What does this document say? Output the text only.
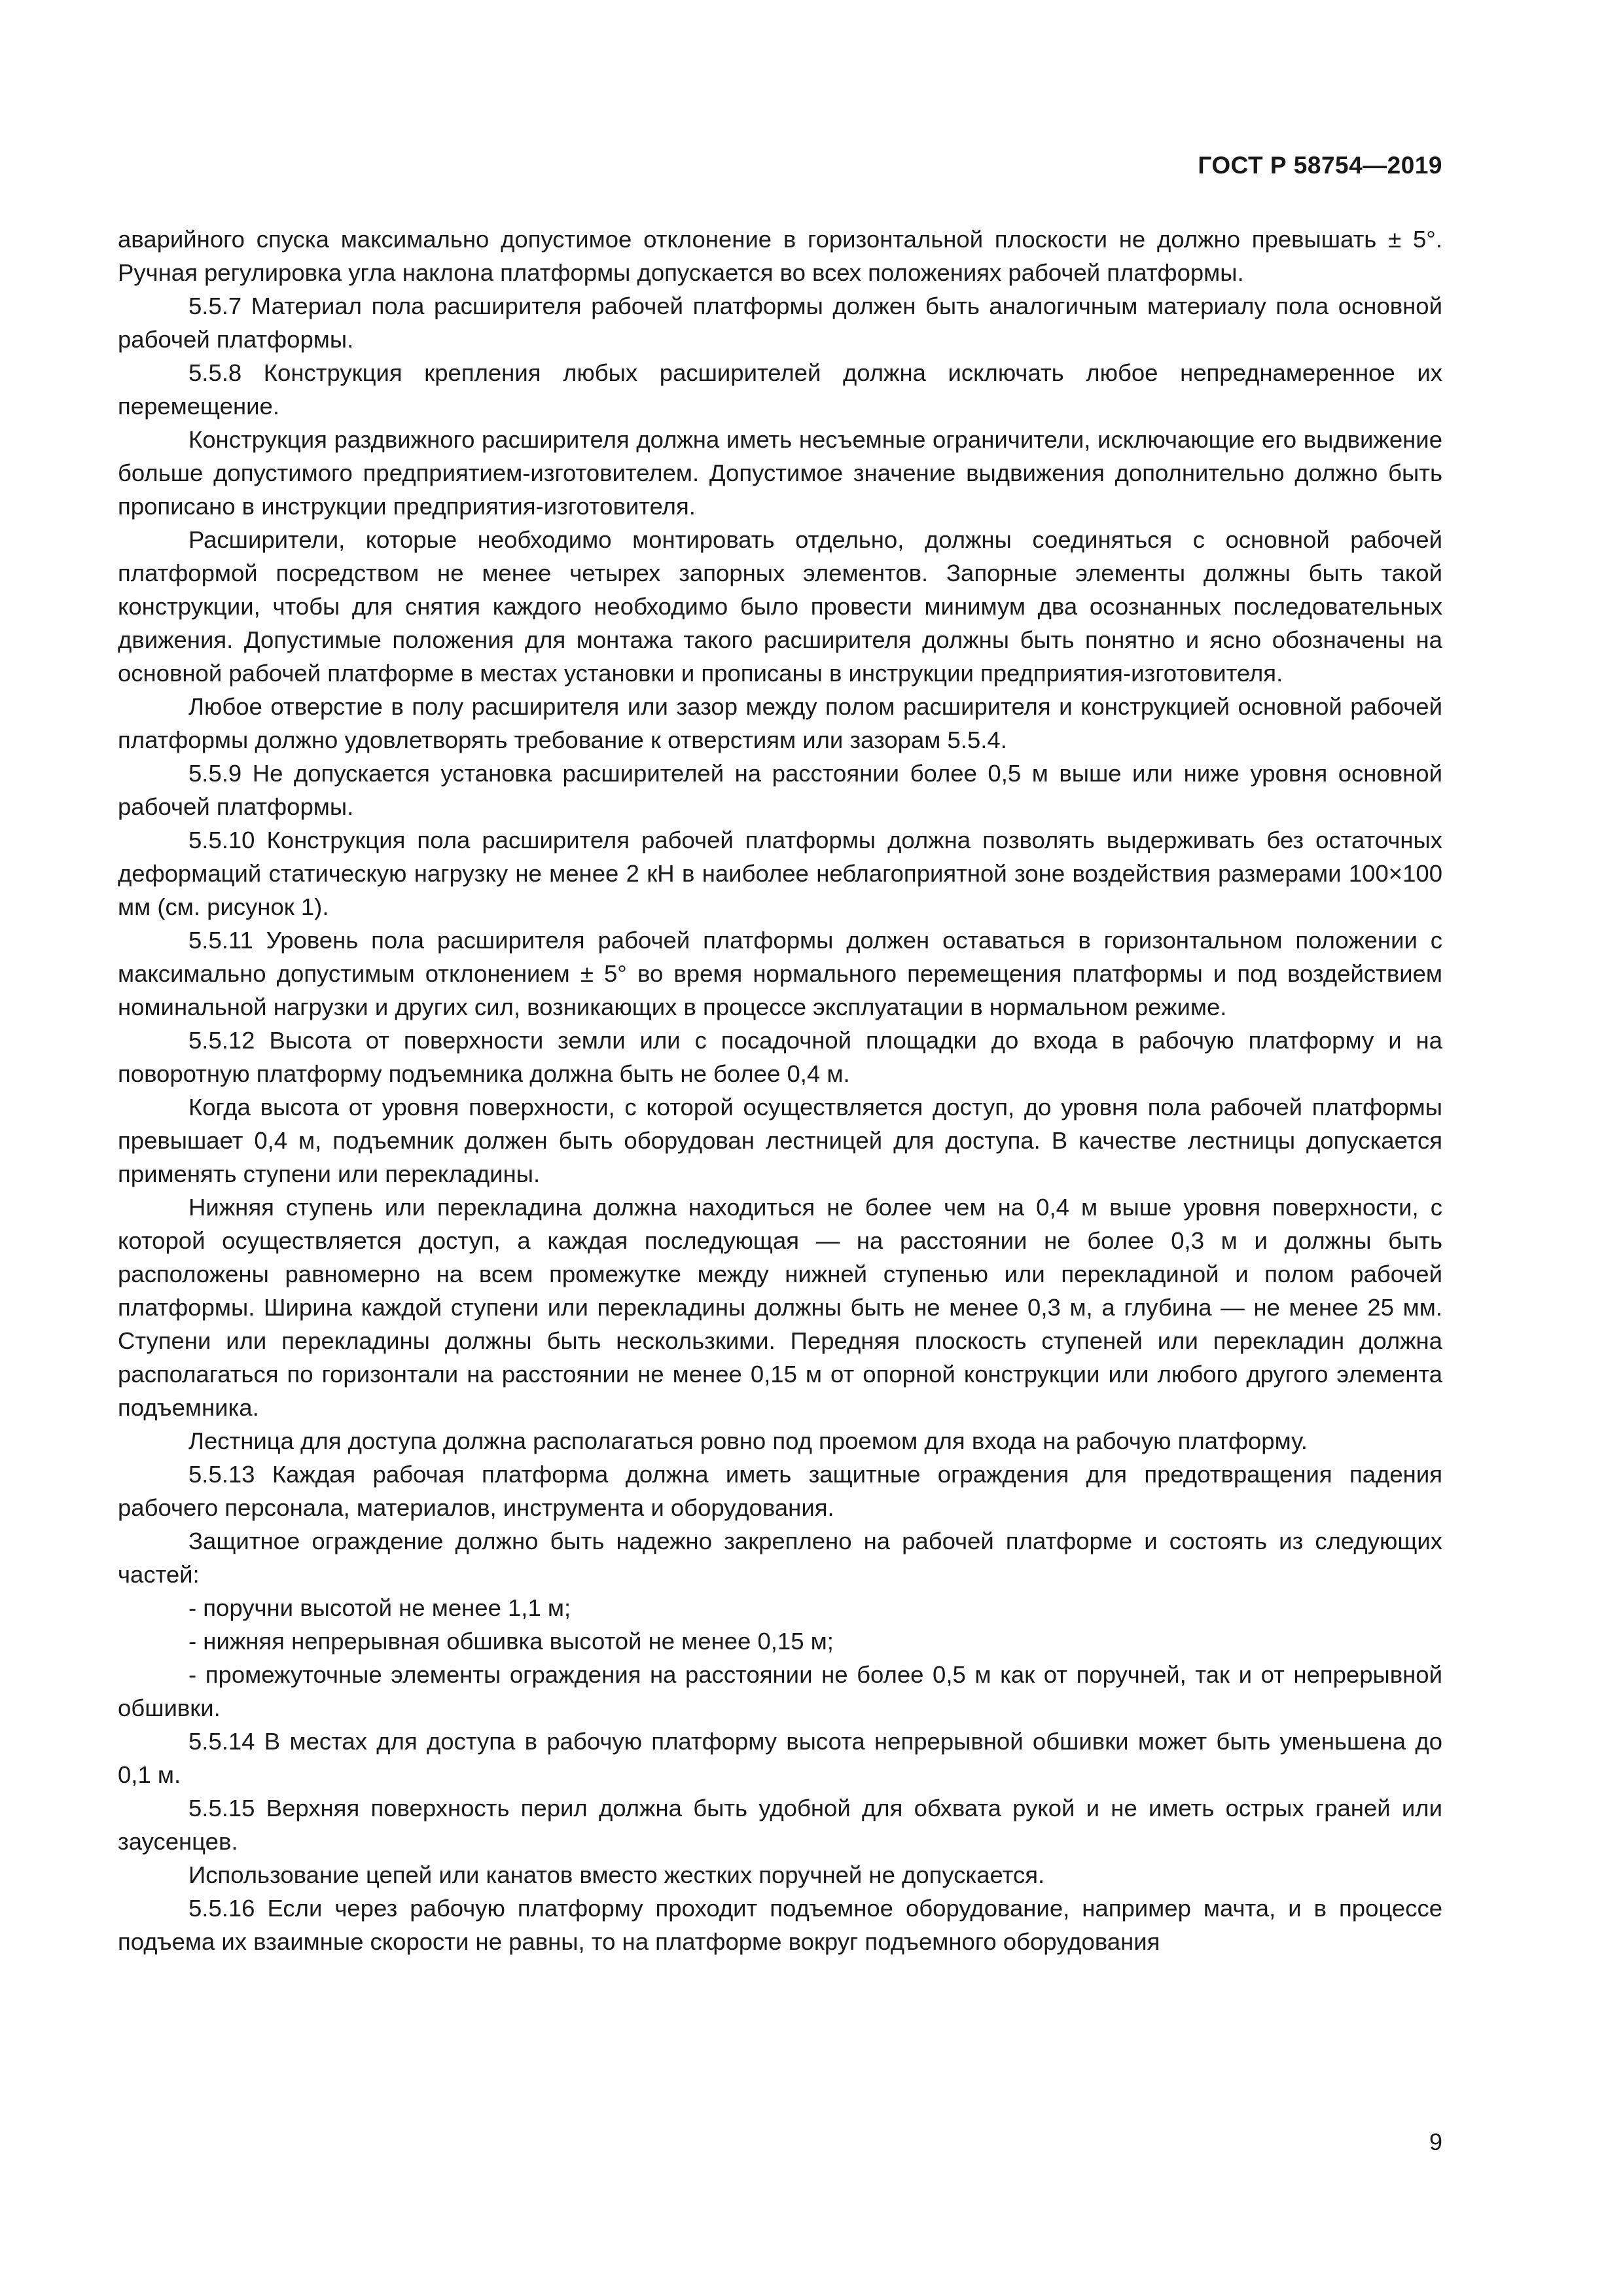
ГОСТ Р 58754—2019

аварийного спуска максимально допустимое отклонение в горизонтальной плоскости не должно превышать ± 5°. Ручная регулировка угла наклона платформы допускается во всех положениях рабочей платформы.

5.5.7 Материал пола расширителя рабочей платформы должен быть аналогичным материалу пола основной рабочей платформы.

5.5.8 Конструкция крепления любых расширителей должна исключать любое непреднамеренное их перемещение.

Конструкция раздвижного расширителя должна иметь несъемные ограничители, исключающие его выдвижение больше допустимого предприятием-изготовителем. Допустимое значение выдвижения дополнительно должно быть прописано в инструкции предприятия-изготовителя.

Расширители, которые необходимо монтировать отдельно, должны соединяться с основной рабочей платформой посредством не менее четырех запорных элементов. Запорные элементы должны быть такой конструкции, чтобы для снятия каждого необходимо было провести минимум два осознанных последовательных движения. Допустимые положения для монтажа такого расширителя должны быть понятно и ясно обозначены на основной рабочей платформе в местах установки и прописаны в инструкции предприятия-изготовителя.

Любое отверстие в полу расширителя или зазор между полом расширителя и конструкцией основной рабочей платформы должно удовлетворять требование к отверстиям или зазорам 5.5.4.

5.5.9 Не допускается установка расширителей на расстоянии более 0,5 м выше или ниже уровня основной рабочей платформы.

5.5.10 Конструкция пола расширителя рабочей платформы должна позволять выдерживать без остаточных деформаций статическую нагрузку не менее 2 кН в наиболее неблагоприятной зоне воздействия размерами 100×100 мм (см. рисунок 1).

5.5.11 Уровень пола расширителя рабочей платформы должен оставаться в горизонтальном положении с максимально допустимым отклонением ± 5° во время нормального перемещения платформы и под воздействием номинальной нагрузки и других сил, возникающих в процессе эксплуатации в нормальном режиме.

5.5.12 Высота от поверхности земли или с посадочной площадки до входа в рабочую платформу и на поворотную платформу подъемника должна быть не более 0,4 м.

Когда высота от уровня поверхности, с которой осуществляется доступ, до уровня пола рабочей платформы превышает 0,4 м, подъемник должен быть оборудован лестницей для доступа. В качестве лестницы допускается применять ступени или перекладины.

Нижняя ступень или перекладина должна находиться не более чем на 0,4 м выше уровня поверхности, с которой осуществляется доступ, а каждая последующая — на расстоянии не более 0,3 м и должны быть расположены равномерно на всем промежутке между нижней ступенью или перекладиной и полом рабочей платформы. Ширина каждой ступени или перекладины должны быть не менее 0,3 м, а глубина — не менее 25 мм. Ступени или перекладины должны быть нескользкими. Передняя плоскость ступеней или перекладин должна располагаться по горизонтали на расстоянии не менее 0,15 м от опорной конструкции или любого другого элемента подъемника.

Лестница для доступа должна располагаться ровно под проемом для входа на рабочую платформу.

5.5.13 Каждая рабочая платформа должна иметь защитные ограждения для предотвращения падения рабочего персонала, материалов, инструмента и оборудования.

Защитное ограждение должно быть надежно закреплено на рабочей платформе и состоять из следующих частей:

- поручни высотой не менее 1,1 м;

- нижняя непрерывная обшивка высотой не менее 0,15 м;

- промежуточные элементы ограждения на расстоянии не более 0,5 м как от поручней, так и от непрерывной обшивки.

5.5.14 В местах для доступа в рабочую платформу высота непрерывной обшивки может быть уменьшена до 0,1 м.

5.5.15 Верхняя поверхность перил должна быть удобной для обхвата рукой и не иметь острых граней или заусенцев.

Использование цепей или канатов вместо жестких поручней не допускается.

5.5.16 Если через рабочую платформу проходит подъемное оборудование, например мачта, и в процессе подъема их взаимные скорости не равны, то на платформе вокруг подъемного оборудования

9
